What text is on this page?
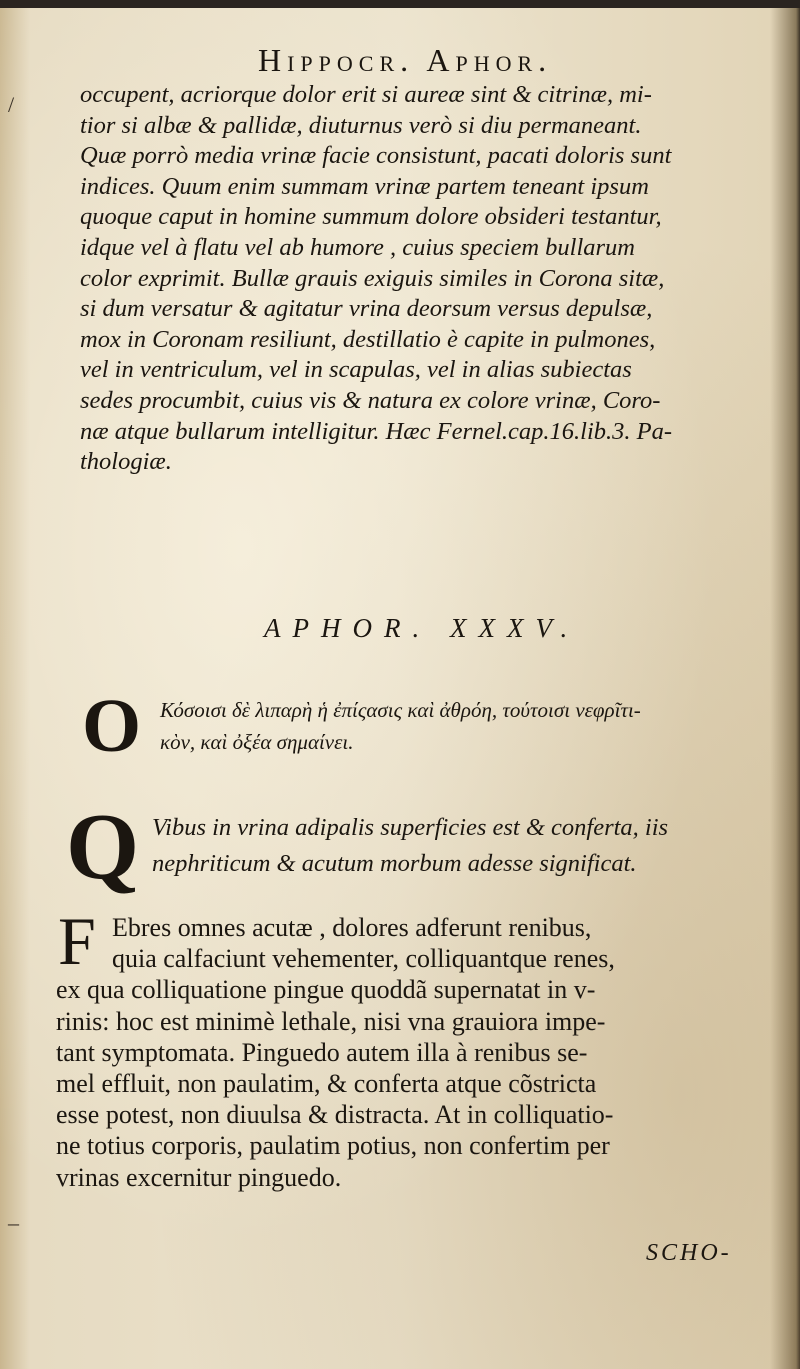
Hippocr. Aphor.
/	occupent, acriorque dolor erit si aureæ sint & citrinæ, mi-
tior si albæ & pallidæ, diuturnus verò si diu permaneant.
Quæ porrò media vrinæ facie consistunt, pacati doloris sunt
indices. Quum enim summam vrinæ partem teneant ipsum
quoque caput in homine summum dolore obsideri testantur,
idque vel à flatu vel ab humore , cuius speciem bullarum
color exprimit. Bullæ grauis exiguis similes in Corona sitæ,
si dum versatur & agitatur vrina deorsum versus depulsæ,
mox in Coronam resiliunt, destillatio è capite in pulmones,
vel in ventriculum, vel in scapulas, vel in alias subiectas
sedes procumbit, cuius vis & natura ex colore vrinæ, Coro-
næ atque bullarum intelligitur. Hæc Fernel.cap.16.lib.3. Pa-
thologiæ.
APHOR. XXXV.
O Κόσοισι δὲ λιπαρὴ ἡ ἐπίςασις καὶ ἀθρόη, τούτοισι νεφρῖτι-
κὸν, καὶ ὀξέα σημαίνει.
Q Vibus in vrina adipalis superficies est & conferta, iis
nephriticum & acutum morbum adesse significat.
F Ebres omnes acutæ , dolores adferunt renibus,
quia calfaciunt vehementer, colliquantque renes,
ex qua colliquatione pingue quoddã supernatat in v-
rinis: hoc est minimè lethale, nisi vna grauiora impe-
tant symptomata. Pinguedo autem illa à renibus se-
mel effluit, non paulatim, & conferta atque cõstricta
esse potest, non diuulsa & distracta. At in colliquatio-
ne totius corporis, paulatim potius, non confertim per
vrinas excernitur pinguedo.
–
SCHO-
